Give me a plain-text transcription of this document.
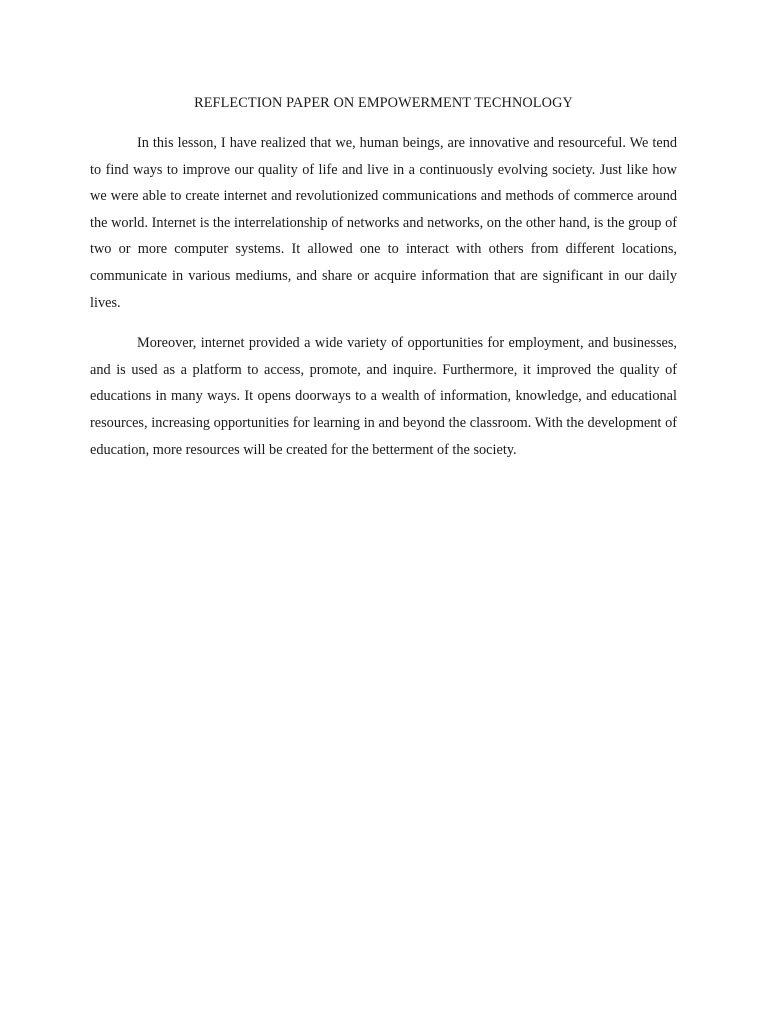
REFLECTION PAPER ON EMPOWERMENT TECHNOLOGY

In this lesson, I have realized that we, human beings, are innovative and resourceful. We tend to find ways to improve our quality of life and live in a continuously evolving society. Just like how we were able to create internet and revolutionized communications and methods of commerce around the world. Internet is the interrelationship of networks and networks, on the other hand, is the group of two or more computer systems. It allowed one to interact with others from different locations, communicate in various mediums, and share or acquire information that are significant in our daily lives.

Moreover, internet provided a wide variety of opportunities for employment, and businesses, and is used as a platform to access, promote, and inquire. Furthermore, it improved the quality of educations in many ways. It opens doorways to a wealth of information, knowledge, and educational resources, increasing opportunities for learning in and beyond the classroom. With the development of education, more resources will be created for the betterment of the society.
